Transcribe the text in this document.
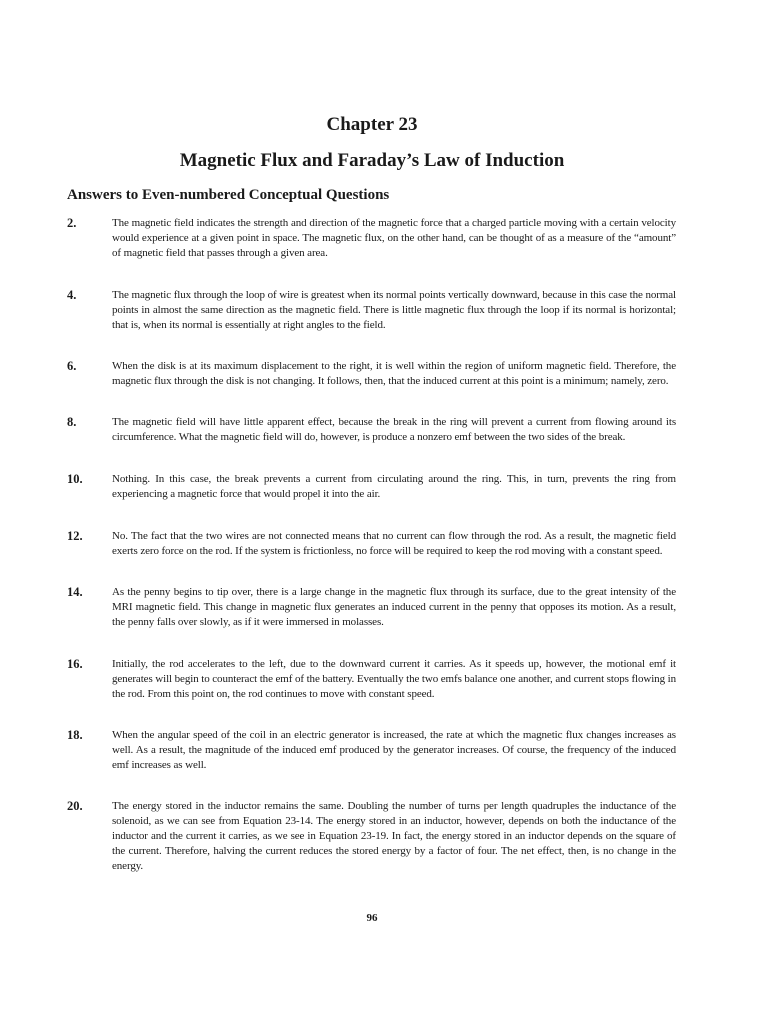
Chapter 23
Magnetic Flux and Faraday’s Law of Induction
Answers to Even-numbered Conceptual Questions
2.	The magnetic field indicates the strength and direction of the magnetic force that a charged particle moving with a certain velocity would experience at a given point in space. The magnetic flux, on the other hand, can be thought of as a measure of the “amount” of magnetic field that passes through a given area.
4.	The magnetic flux through the loop of wire is greatest when its normal points vertically downward, because in this case the normal points in almost the same direction as the magnetic field. There is little magnetic flux through the loop if its normal is horizontal; that is, when its normal is essentially at right angles to the field.
6.	When the disk is at its maximum displacement to the right, it is well within the region of uniform magnetic field. Therefore, the magnetic flux through the disk is not changing. It follows, then, that the induced current at this point is a minimum; namely, zero.
8.	The magnetic field will have little apparent effect, because the break in the ring will prevent a current from flowing around its circumference. What the magnetic field will do, however, is produce a nonzero emf between the two sides of the break.
10.	Nothing. In this case, the break prevents a current from circulating around the ring. This, in turn, prevents the ring from experiencing a magnetic force that would propel it into the air.
12.	No. The fact that the two wires are not connected means that no current can flow through the rod. As a result, the magnetic field exerts zero force on the rod. If the system is frictionless, no force will be required to keep the rod moving with a constant speed.
14.	As the penny begins to tip over, there is a large change in the magnetic flux through its surface, due to the great intensity of the MRI magnetic field. This change in magnetic flux generates an induced current in the penny that opposes its motion. As a result, the penny falls over slowly, as if it were immersed in molasses.
16.	Initially, the rod accelerates to the left, due to the downward current it carries. As it speeds up, however, the motional emf it generates will begin to counteract the emf of the battery. Eventually the two emfs balance one another, and current stops flowing in the rod. From this point on, the rod continues to move with constant speed.
18.	When the angular speed of the coil in an electric generator is increased, the rate at which the magnetic flux changes increases as well. As a result, the magnitude of the induced emf produced by the generator increases. Of course, the frequency of the induced emf increases as well.
20.	The energy stored in the inductor remains the same. Doubling the number of turns per length quadruples the inductance of the solenoid, as we can see from Equation 23-14. The energy stored in an inductor, however, depends on both the inductance of the inductor and the current it carries, as we see in Equation 23-19. In fact, the energy stored in an inductor depends on the square of the current. Therefore, halving the current reduces the stored energy by a factor of four. The net effect, then, is no change in the energy.
96
